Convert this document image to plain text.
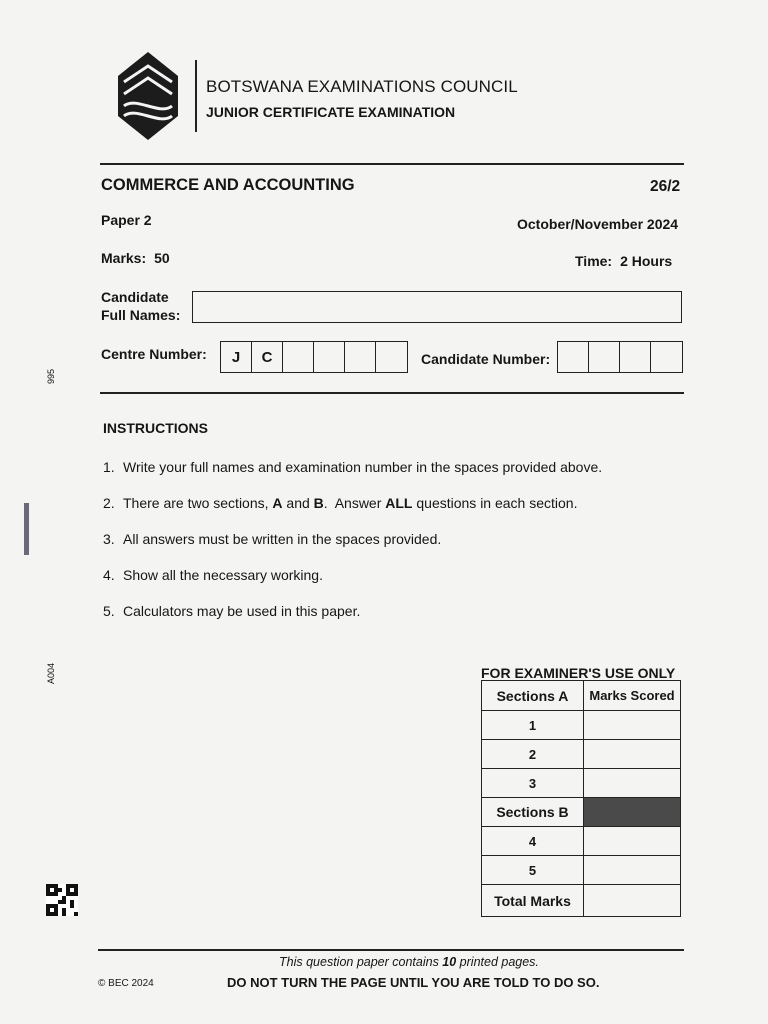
BOTSWANA EXAMINATIONS COUNCIL
JUNIOR CERTIFICATE EXAMINATION
COMMERCE AND ACCOUNTING	26/2
Paper 2	October/November 2024
Marks: 50	Time: 2 Hours
Candidate
Full Names:
Centre Number:	J	C	Candidate Number:
INSTRUCTIONS
1. Write your full names and examination number in the spaces provided above.
2. There are two sections, A and B.  Answer ALL questions in each section.
3. All answers must be written in the spaces provided.
4. Show all the necessary working.
5. Calculators may be used in this paper.
995
A004	FOR EXAMINER'S USE ONLY
Sections A	Marks Scored
1	
2	
3	
Sections B	
4	
5	
Total Marks	
This question paper contains 10 printed pages.
© BEC 2024	DO NOT TURN THE PAGE UNTIL YOU ARE TOLD TO DO SO.
